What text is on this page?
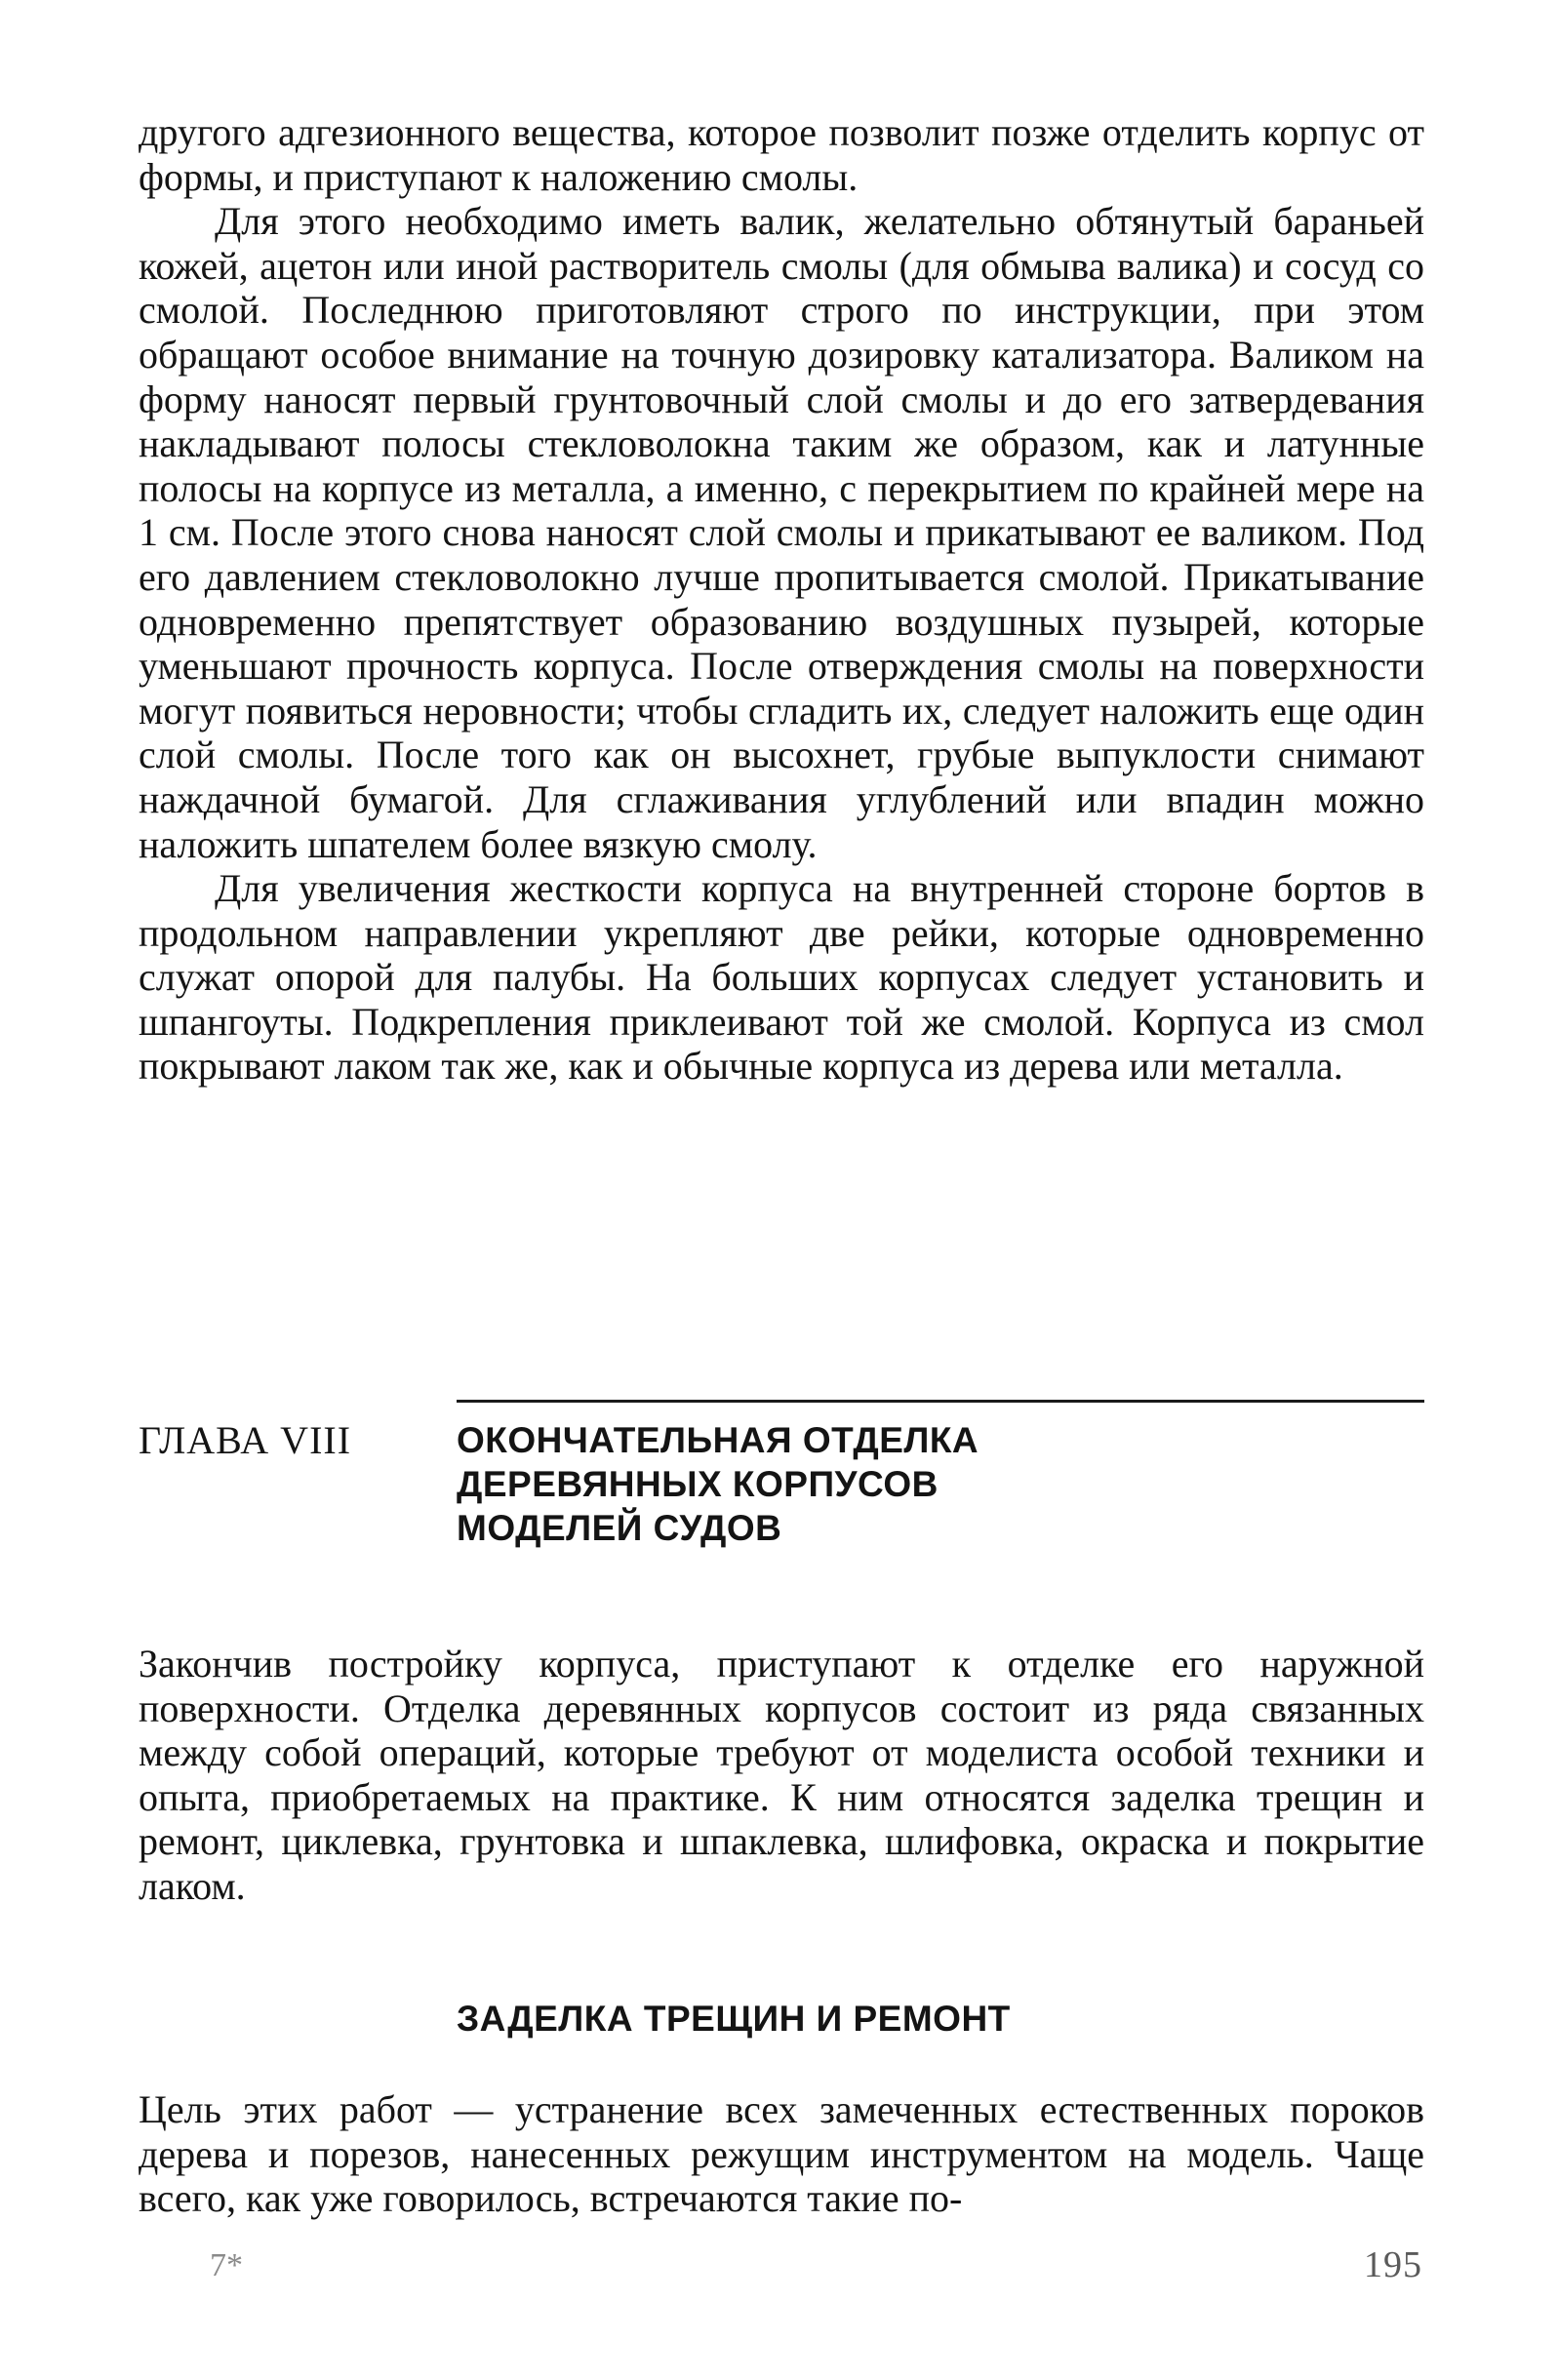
другого адгезионного вещества, которое позволит позже отделить корпус от формы, и приступают к наложению смолы.

Для этого необходимо иметь валик, желательно обтянутый бараньей кожей, ацетон или иной растворитель смолы (для обмыва валика) и сосуд со смолой. Последнюю приготовляют строго по инструкции, при этом обращают особое внимание на точную дозировку катализатора. Валиком на форму наносят первый грунтовочный слой смолы и до его затвердевания накладывают полосы стекловолокна таким же образом, как и латунные полосы на корпусе из металла, а именно, с перекрытием по крайней мере на 1 см. После этого снова наносят слой смолы и прикатывают ее валиком. Под его давлением стекловолокно лучше пропитывается смолой. Прикатывание одновременно препятствует образованию воздушных пузырей, которые уменьшают прочность корпуса. После отверждения смолы на поверхности могут появиться неровности; чтобы сгладить их, следует наложить еще один слой смолы. После того как он высохнет, грубые выпуклости снимают наждачной бумагой. Для сглаживания углублений или впадин можно наложить шпателем более вязкую смолу.

Для увеличения жесткости корпуса на внутренней стороне бортов в продольном направлении укрепляют две рейки, которые одновременно служат опорой для палубы. На больших корпусах следует установить и шпангоуты. Подкрепления приклеивают той же смолой. Корпуса из смол покрывают лаком так же, как и обычные корпуса из дерева или металла.

ГЛАВА VIII	ОКОНЧАТЕЛЬНАЯ ОТДЕЛКА
ДЕРЕВЯННЫХ КОРПУСОВ
МОДЕЛЕЙ СУДОВ

Закончив постройку корпуса, приступают к отделке его наружной поверхности. Отделка деревянных корпусов состоит из ряда связанных между собой операций, которые требуют от моделиста особой техники и опыта, приобретаемых на практике. К ним относятся заделка трещин и ремонт, циклевка, грунтовка и шпаклевка, шлифовка, окраска и покрытие лаком.

ЗАДЕЛКА ТРЕЩИН И РЕМОНТ

Цель этих работ — устранение всех замеченных естественных пороков дерева и порезов, нанесенных режущим инструментом на модель. Чаще всего, как уже говорилось, встречаются такие по-

7*	195
